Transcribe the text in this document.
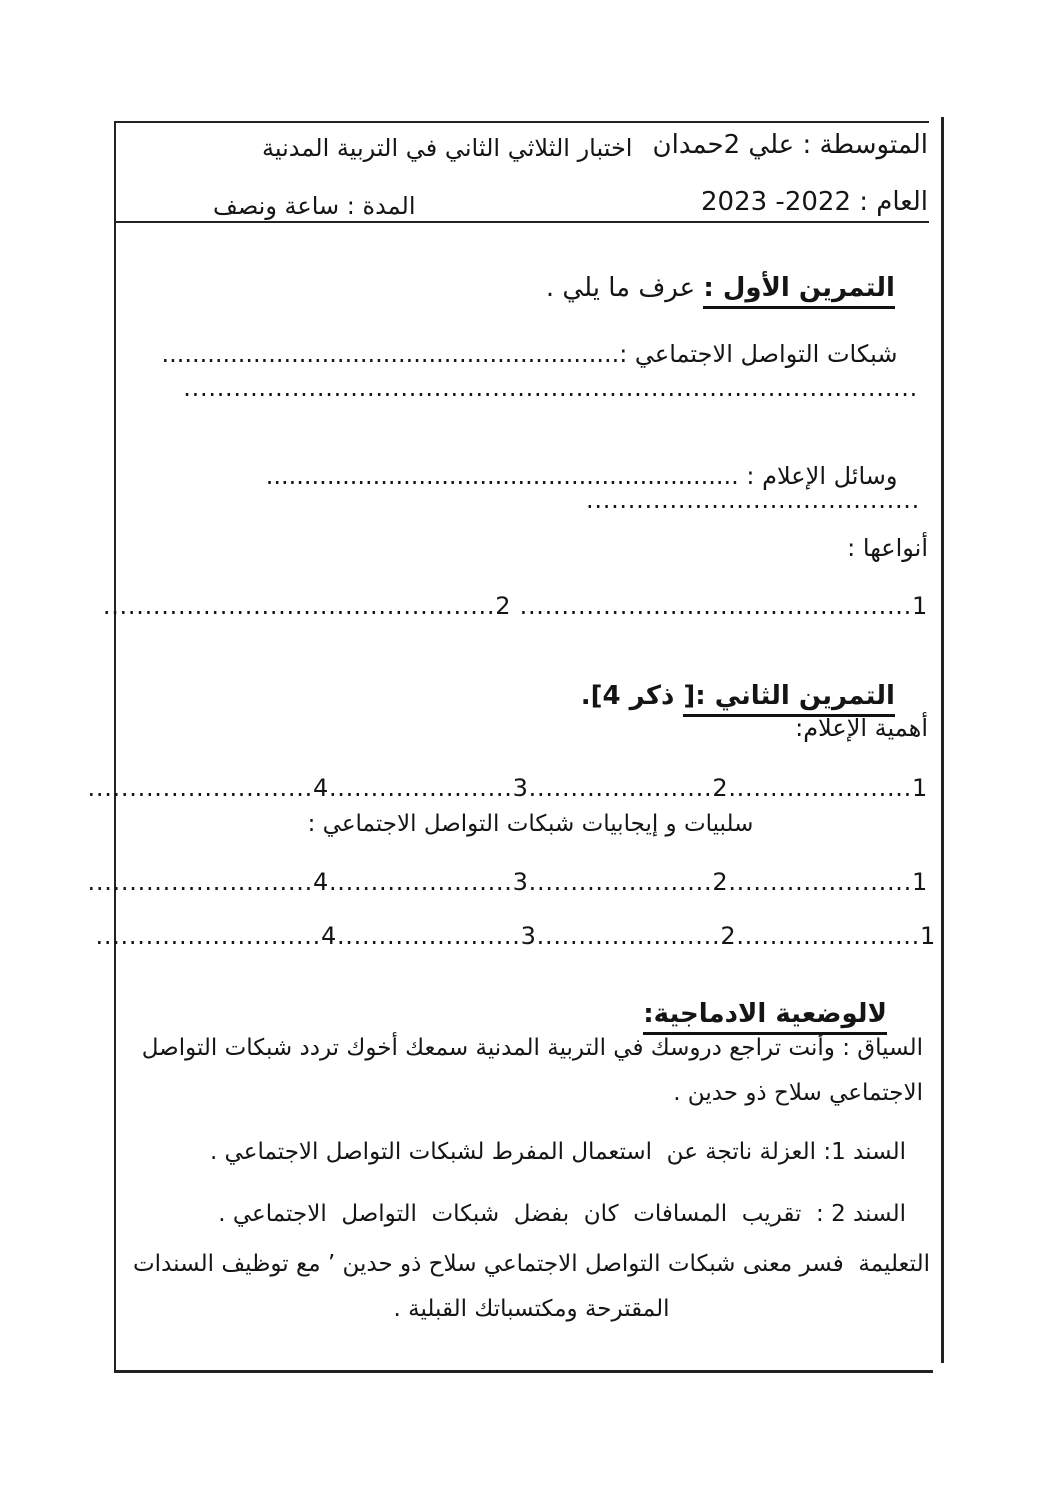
المتوسطة : علي 2حمدان
اختبار الثلاثي الثاني في التربية المدنية
العام : 2022- 2023
المدة : ساعة ونصف

التمرين الأول : عرف ما يلي .

شبكات التواصل الاجتماعي :............................................................

........................................................................................

وسائل الإعلام : ..............................................................

........................................
أنواعها :
1............................................... 2...............................................

التمرين الثاني :[ ذكر 4].

أهمية الإعلام:
1......................2......................3......................4...........................
سلبيات و إيجابيات شبكات التواصل الاجتماعي :
1......................2......................3......................4...........................
1......................2......................3......................4...........................

لالوضعية الادماجية:

السياق : وأنت تراجع دروسك في التربية المدنية سمعك أخوك تردد شبكات التواصل
الاجتماعي سلاح ذو حدين .
السند 1: العزلة ناتجة عن  استعمال المفرط لشبكات التواصل الاجتماعي .
السند 2 :  تقريب  المسافات  كان  بفضل  شبكات  التواصل  الاجتماعي .
التعليمة  فسر معنى شبكات التواصل الاجتماعي سلاح ذو حدين ’ مع توظيف السندات
المقترحة ومكتسباتك القبلية .
